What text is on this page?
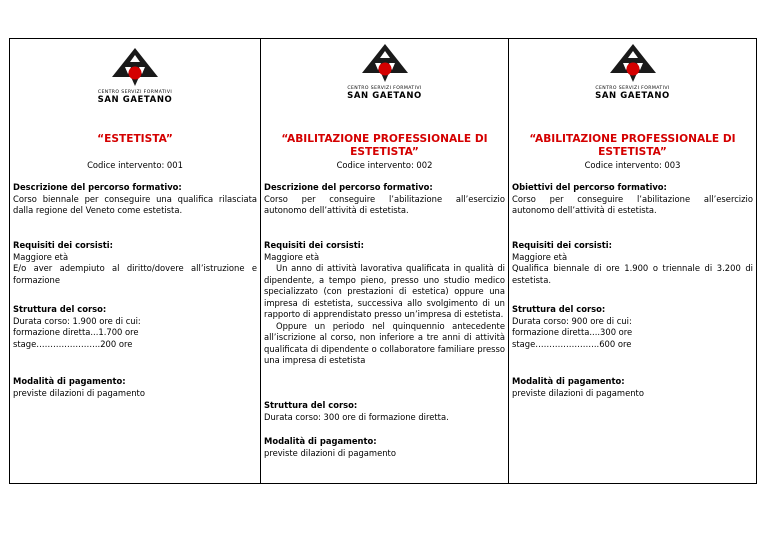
CENTRO SERVIZI FORMATIVI
SAN GAETANO
“ESTETISTA”
Codice intervento: 001
Descrizione del percorso formativo:
Corso biennale per conseguire una qualifica rilasciata dalla regione del Veneto come estetista.
Requisiti dei corsisti:
Maggiore età
E/o aver adempiuto al diritto/dovere all’istruzione e formazione
Struttura del corso:
Durata corso: 1.900 ore di cui:
formazione diretta...1.700 ore
stage…………………..200 ore
Modalità di pagamento:
previste dilazioni di pagamento
CENTRO SERVIZI FORMATIVI
SAN GAETANO
“ABILITAZIONE PROFESSIONALE DI ESTETISTA”
Codice intervento: 002
Descrizione del percorso formativo:
Corso per conseguire l’abilitazione all’esercizio autonomo dell’attività di estetista.
Requisiti dei corsisti:
Maggiore età
Un anno di attività lavorativa qualificata in qualità di dipendente, a tempo pieno, presso uno studio medico specializzato (con prestazioni di estetica) oppure una impresa di estetista, successiva allo svolgimento di un rapporto di apprendistato presso un’impresa di estetista.
Oppure un periodo nel quinquennio antecedente all’iscrizione al corso, non inferiore a tre anni di attività qualificata di dipendente o collaboratore familiare presso una impresa di estetista
Struttura del corso:
Durata corso: 300 ore di formazione diretta.
Modalità di pagamento:
previste dilazioni di pagamento
CENTRO SERVIZI FORMATIVI
SAN GAETANO
“ABILITAZIONE PROFESSIONALE DI ESTETISTA”
Codice intervento: 003
Obiettivi del percorso formativo:
Corso per conseguire l’abilitazione all’esercizio autonomo dell’attività di estetista.
Requisiti dei corsisti:
Maggiore età
Qualifica biennale di ore 1.900 o triennale di 3.200 di estetista.
Struttura del corso:
Durata corso: 900 ore di cui:
formazione diretta....300 ore
stage…………………..600 ore
Modalità di pagamento:
previste dilazioni di pagamento
